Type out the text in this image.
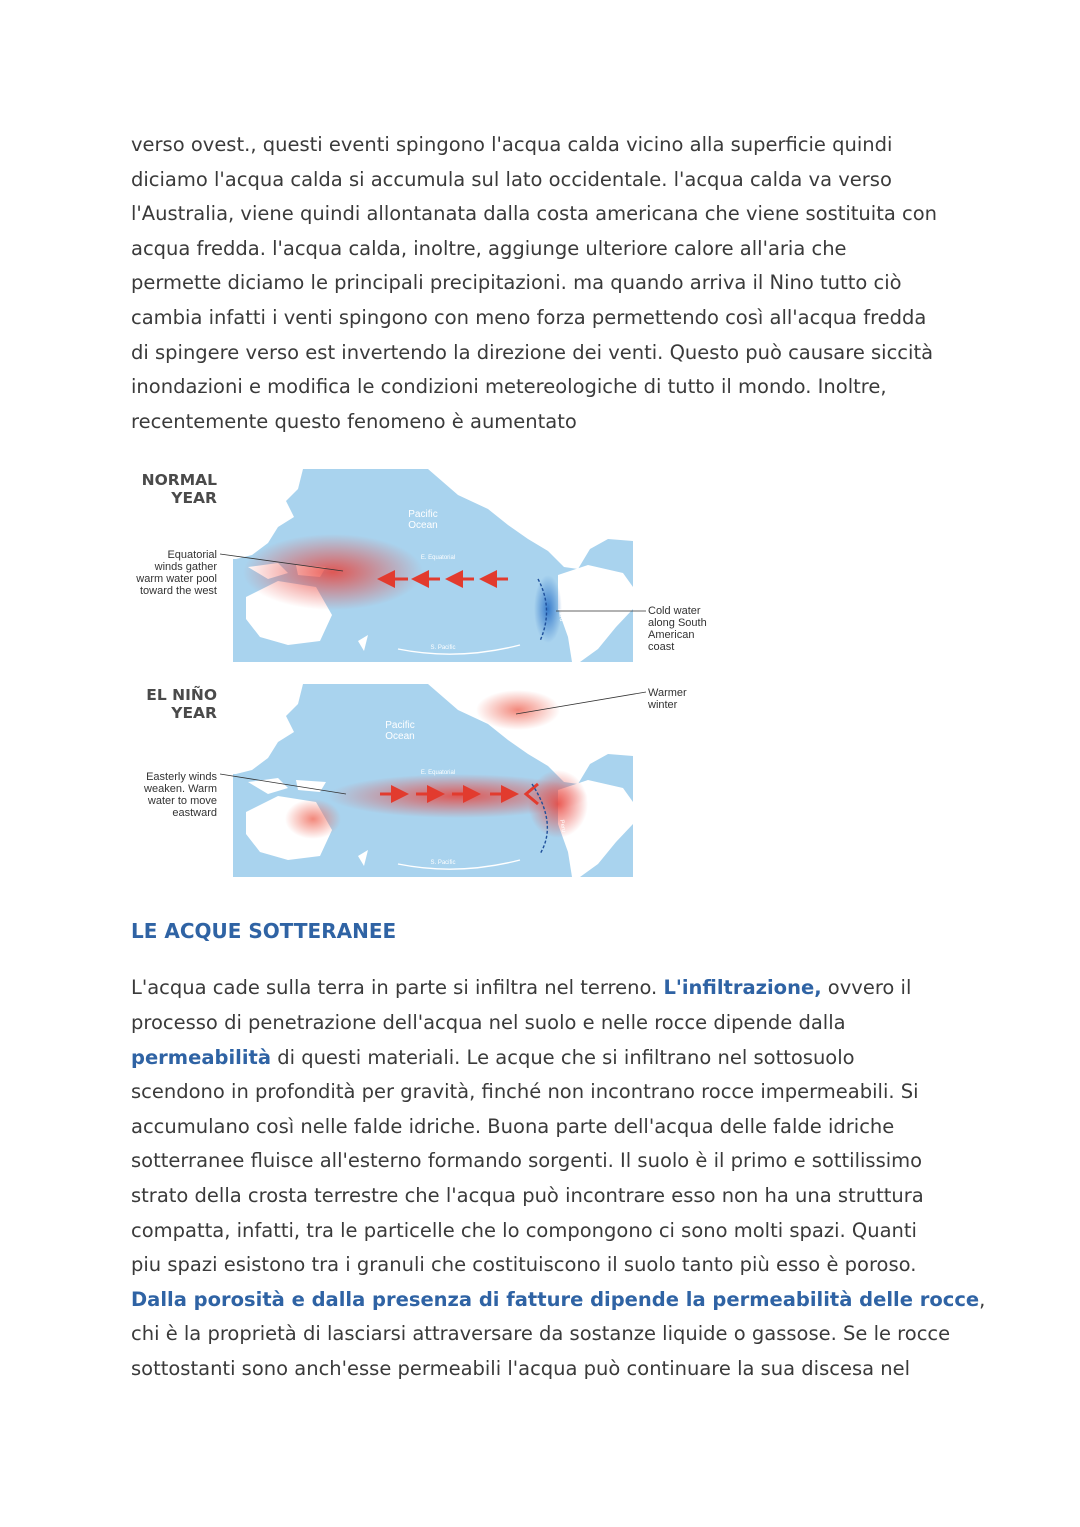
verso ovest., questi eventi spingono l'acqua calda vicino alla superficie quindi

diciamo l'acqua calda si accumula sul lato occidentale. l'acqua calda va verso

l'Australia, viene quindi allontanata dalla costa americana che viene sostituita con

acqua fredda. l'acqua calda, inoltre, aggiunge ulteriore calore all'aria che

permette diciamo le principali precipitazioni. ma quando arriva il Nino tutto ciò

cambia infatti i venti spingono con meno forza permettendo così all'acqua fredda

di spingere verso est invertendo la direzione dei venti. Questo può causare siccità

inondazioni e modifica le condizioni metereologiche di tutto il mondo. Inoltre,

recentemente questo fenomeno è aumentato

NORMAL
YEAR
Equatorial
winds gather
warm water pool
toward the west
EL NIÑO
YEAR
Easterly winds
weaken. Warm
water to move
eastward
Cold water
along South
American
coast
Warmer
winter
Pacific
Ocean
E. Equatorial
S. Pacific
Peru
Pacific
Ocean
E. Equatorial
S. Pacific
Peru
LE ACQUE SOTTERANEE

L'acqua cade sulla terra in parte si infiltra nel terreno. L'infiltrazione, ovvero il

processo di penetrazione dell'acqua nel suolo e nelle rocce dipende dalla

permeabilità di questi materiali. Le acque che si infiltrano nel sottosuolo

scendono in profondità per gravità, finché non incontrano rocce impermeabili. Si

accumulano così nelle falde idriche. Buona parte dell'acqua delle falde idriche

sotterranee fluisce all'esterno formando sorgenti. Il suolo è il primo e sottilissimo

strato della crosta terrestre che l'acqua può incontrare esso non ha una struttura

compatta, infatti, tra le particelle che lo compongono ci sono molti spazi. Quanti

piu spazi esistono tra i granuli che costituiscono il suolo tanto più esso è poroso.

Dalla porosità e dalla presenza di fatture dipende la permeabilità delle rocce,

chi è la proprietà di lasciarsi attraversare da sostanze liquide o gassose. Se le rocce

sottostanti sono anch'esse permeabili l'acqua può continuare la sua discesa nel
